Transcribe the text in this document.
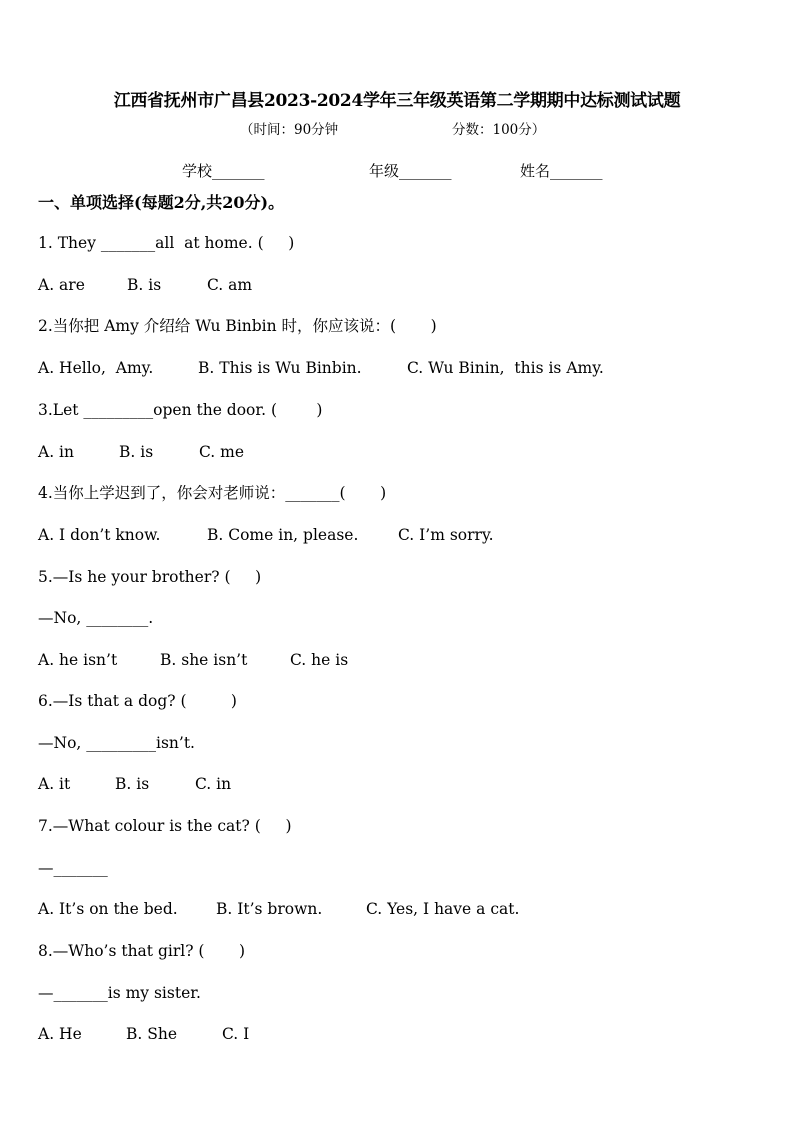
江西省抚州市广昌县2023-2024学年三年级英语第二学期期中达标测试试题
（时间：90分钟	分数：100分）
学校_______	年级_______	姓名_______
一、单项选择(每题2分,共20分)。
1. They _______all  at home. (     )
A. are	B. is	C. am
2.当你把 Amy 介绍给 Wu Binbin 时，你应该说：(       )
A. Hello,  Amy.	B. This is Wu Binbin.	C. Wu Binin,  this is Amy.
3.Let _________open the door. (        )
A. in	B. is	C. me
4.当你上学迟到了，你会对老师说：_______(       )
A. I don’t know.	B. Come in, please.	C. I’m sorry.
5.—Is he your brother? (     )
—No, ________.
A. he isn’t	B. she isn’t	C. he is
6.—Is that a dog? (         )
—No, _________isn’t.
A. it	B. is	C. in
7.—What colour is the cat? (     )
—_______
A. It’s on the bed. B. It’s brown.	C. Yes, I have a cat.
8.—Who’s that girl? (       )
—_______is my sister.
A. He	B. She	C. I
